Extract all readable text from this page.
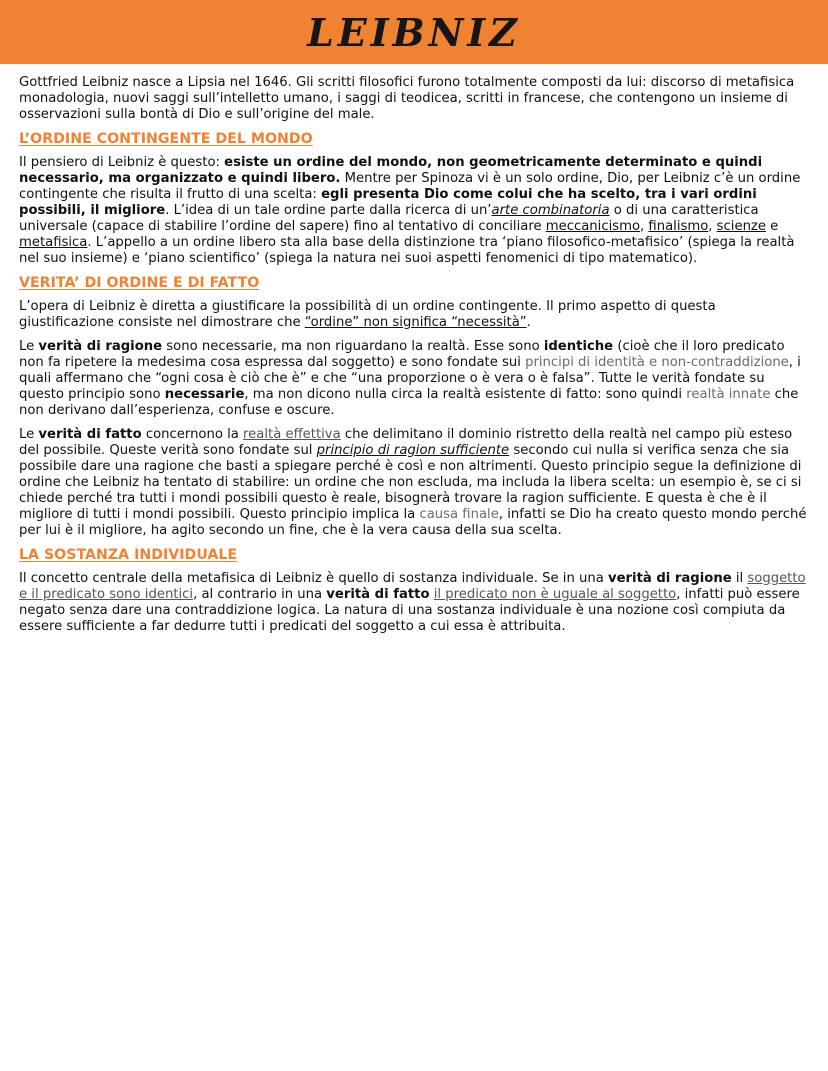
LEIBNIZ

Gottfried Leibniz nasce a Lipsia nel 1646. Gli scritti filosofici furono totalmente composti da lui: discorso di metafisica monadologia, nuovi saggi sull’intelletto umano, i saggi di teodicea, scritti in francese, che contengono un insieme di osservazioni sulla bontà di Dio e sull’origine del male.

L’ORDINE CONTINGENTE DEL MONDO

Il pensiero di Leibniz è questo: esiste un ordine del mondo, non geometricamente determinato e quindi necessario, ma organizzato e quindi libero. Mentre per Spinoza vi è un solo ordine, Dio, per Leibniz c’è un ordine contingente che risulta il frutto di una scelta: egli presenta Dio come colui che ha scelto, tra i vari ordini possibili, il migliore. L’idea di un tale ordine parte dalla ricerca di un’arte combinatoria o di una caratteristica universale (capace di stabilire l’ordine del sapere) fino al tentativo di conciliare meccanicismo, finalismo, scienze e metafisica. L’appello a un ordine libero sta alla base della distinzione tra ‘piano filosofico-metafisico’ (spiega la realtà nel suo insieme) e ‘piano scientifico’ (spiega la natura nei suoi aspetti fenomenici di tipo matematico).

VERITA’ DI ORDINE E DI FATTO

L’opera di Leibniz è diretta a giustificare la possibilità di un ordine contingente. Il primo aspetto di questa giustificazione consiste nel dimostrare che “ordine” non significa “necessità”.

Le verità di ragione sono necessarie, ma non riguardano la realtà. Esse sono identiche (cioè che il loro predicato non fa ripetere la medesima cosa espressa dal soggetto) e sono fondate sui principi di identità e non-contraddizione, i quali affermano che “ogni cosa è ciò che è” e che “una proporzione o è vera o è falsa”. Tutte le verità fondate su questo principio sono necessarie, ma non dicono nulla circa la realtà esistente di fatto: sono quindi realtà innate che non derivano dall’esperienza, confuse e oscure.

Le verità di fatto concernono la realtà effettiva che delimitano il dominio ristretto della realtà nel campo più esteso del possibile. Queste verità sono fondate sul principio di ragion sufficiente secondo cui nulla si verifica senza che sia possibile dare una ragione che basti a spiegare perché è così e non altrimenti. Questo principio segue la definizione di ordine che Leibniz ha tentato di stabilire: un ordine che non escluda, ma includa la libera scelta: un esempio è, se ci si chiede perché tra tutti i mondi possibili questo è reale, bisognerà trovare la ragion sufficiente. E questa è che è il migliore di tutti i mondi possibili. Questo principio implica la causa finale, infatti se Dio ha creato questo mondo perché per lui è il migliore, ha agito secondo un fine, che è la vera causa della sua scelta.

LA SOSTANZA INDIVIDUALE

Il concetto centrale della metafisica di Leibniz è quello di sostanza individuale. Se in una verità di ragione il soggetto e il predicato sono identici, al contrario in una verità di fatto il predicato non è uguale al soggetto, infatti può essere negato senza dare una contraddizione logica. La natura di una sostanza individuale è una nozione così compiuta da essere sufficiente a far dedurre tutti i predicati del soggetto a cui essa è attribuita.
